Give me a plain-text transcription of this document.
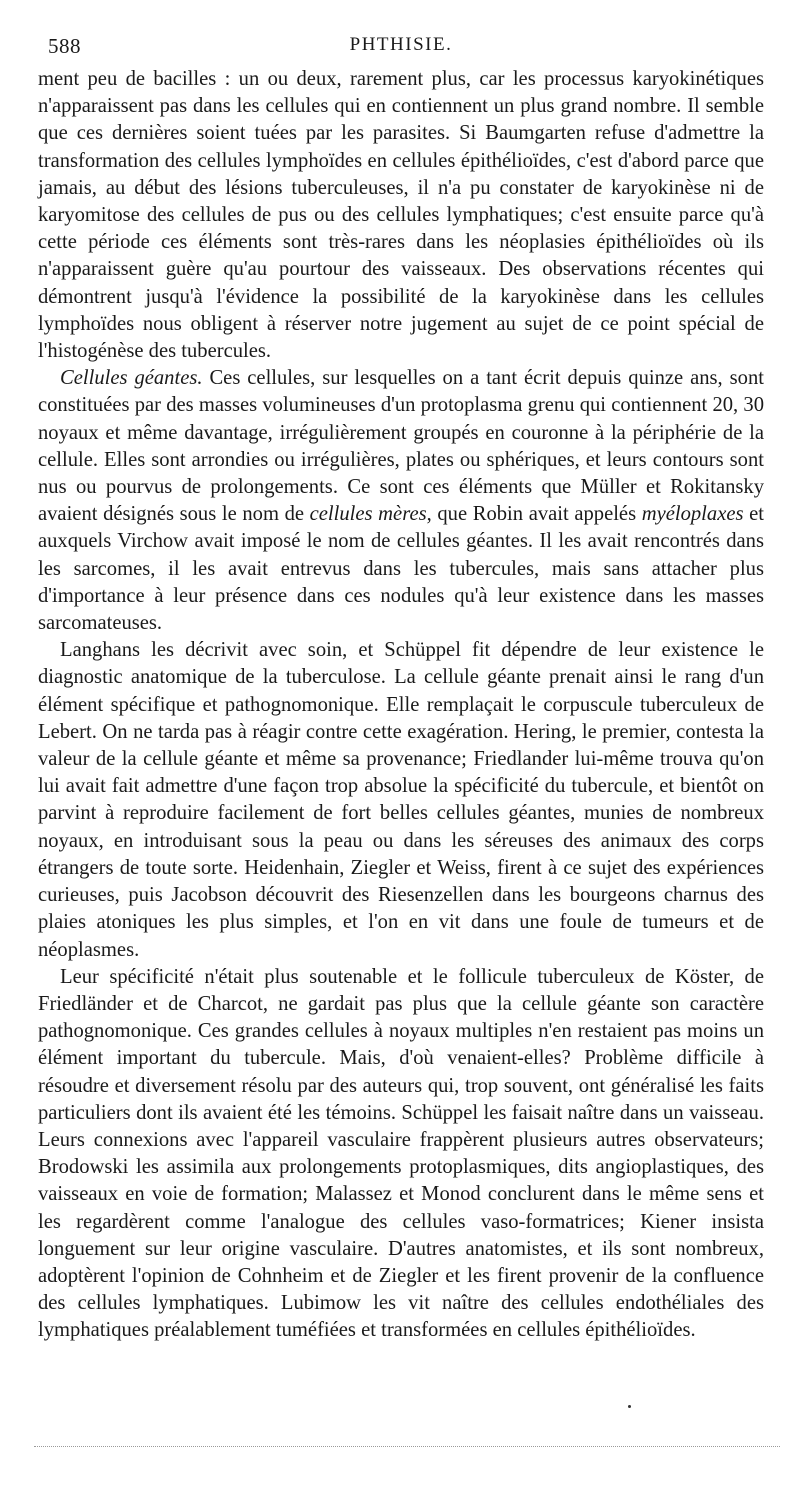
588	PHTHISIE.

ment peu de bacilles : un ou deux, rarement plus, car les processus karyokinétiques n'apparaissent pas dans les cellules qui en contiennent un plus grand nombre. Il semble que ces dernières soient tuées par les parasites. Si Baumgarten refuse d'admettre la transformation des cellules lymphoïdes en cellules épithélioïdes, c'est d'abord parce que jamais, au début des lésions tuberculeuses, il n'a pu constater de karyokinèse ni de karyomitose des cellules de pus ou des cellules lymphatiques; c'est ensuite parce qu'à cette période ces éléments sont très-rares dans les néoplasies épithélioïdes où ils n'apparaissent guère qu'au pourtour des vaisseaux. Des observations récentes qui démontrent jusqu'à l'évidence la possibilité de la karyokinèse dans les cellules lymphoïdes nous obligent à réserver notre jugement au sujet de ce point spécial de l'histogénèse des tubercules.

Cellules géantes. Ces cellules, sur lesquelles on a tant écrit depuis quinze ans, sont constituées par des masses volumineuses d'un protoplasma grenu qui contiennent 20, 30 noyaux et même davantage, irrégulièrement groupés en couronne à la périphérie de la cellule. Elles sont arrondies ou irrégulières, plates ou sphériques, et leurs contours sont nus ou pourvus de prolongements. Ce sont ces éléments que Müller et Rokitansky avaient désignés sous le nom de cellules mères, que Robin avait appelés myéloplaxes et auxquels Virchow avait imposé le nom de cellules géantes. Il les avait rencontrés dans les sarcomes, il les avait entrevus dans les tubercules, mais sans attacher plus d'importance à leur présence dans ces nodules qu'à leur existence dans les masses sarcomateuses.

Langhans les décrivit avec soin, et Schüppel fit dépendre de leur existence le diagnostic anatomique de la tuberculose. La cellule géante prenait ainsi le rang d'un élément spécifique et pathognomonique. Elle remplaçait le corpuscule tuberculeux de Lebert. On ne tarda pas à réagir contre cette exagération. Hering, le premier, contesta la valeur de la cellule géante et même sa provenance; Friedlander lui-même trouva qu'on lui avait fait admettre d'une façon trop absolue la spécificité du tubercule, et bientôt on parvint à reproduire facilement de fort belles cellules géantes, munies de nombreux noyaux, en introduisant sous la peau ou dans les séreuses des animaux des corps étrangers de toute sorte. Heidenhain, Ziegler et Weiss, firent à ce sujet des expériences curieuses, puis Jacobson découvrit des Riesenzellen dans les bourgeons charnus des plaies atoniques les plus simples, et l'on en vit dans une foule de tumeurs et de néoplasmes.

Leur spécificité n'était plus soutenable et le follicule tuberculeux de Köster, de Friedländer et de Charcot, ne gardait pas plus que la cellule géante son caractère pathognomonique. Ces grandes cellules à noyaux multiples n'en restaient pas moins un élément important du tubercule. Mais, d'où venaient-elles? Problème difficile à résoudre et diversement résolu par des auteurs qui, trop souvent, ont généralisé les faits particuliers dont ils avaient été les témoins. Schüppel les faisait naître dans un vaisseau. Leurs connexions avec l'appareil vasculaire frappèrent plusieurs autres observateurs; Brodowski les assimila aux prolongements protoplasmiques, dits angioplastiques, des vaisseaux en voie de formation; Malassez et Monod conclurent dans le même sens et les regardèrent comme l'analogue des cellules vaso-formatrices; Kiener insista longuement sur leur origine vasculaire. D'autres anatomistes, et ils sont nombreux, adoptèrent l'opinion de Cohnheim et de Ziegler et les firent provenir de la confluence des cellules lymphatiques. Lubimow les vit naître des cellules endothéliales des lymphatiques préalablement tuméfiées et transformées en cellules épithélioïdes.
